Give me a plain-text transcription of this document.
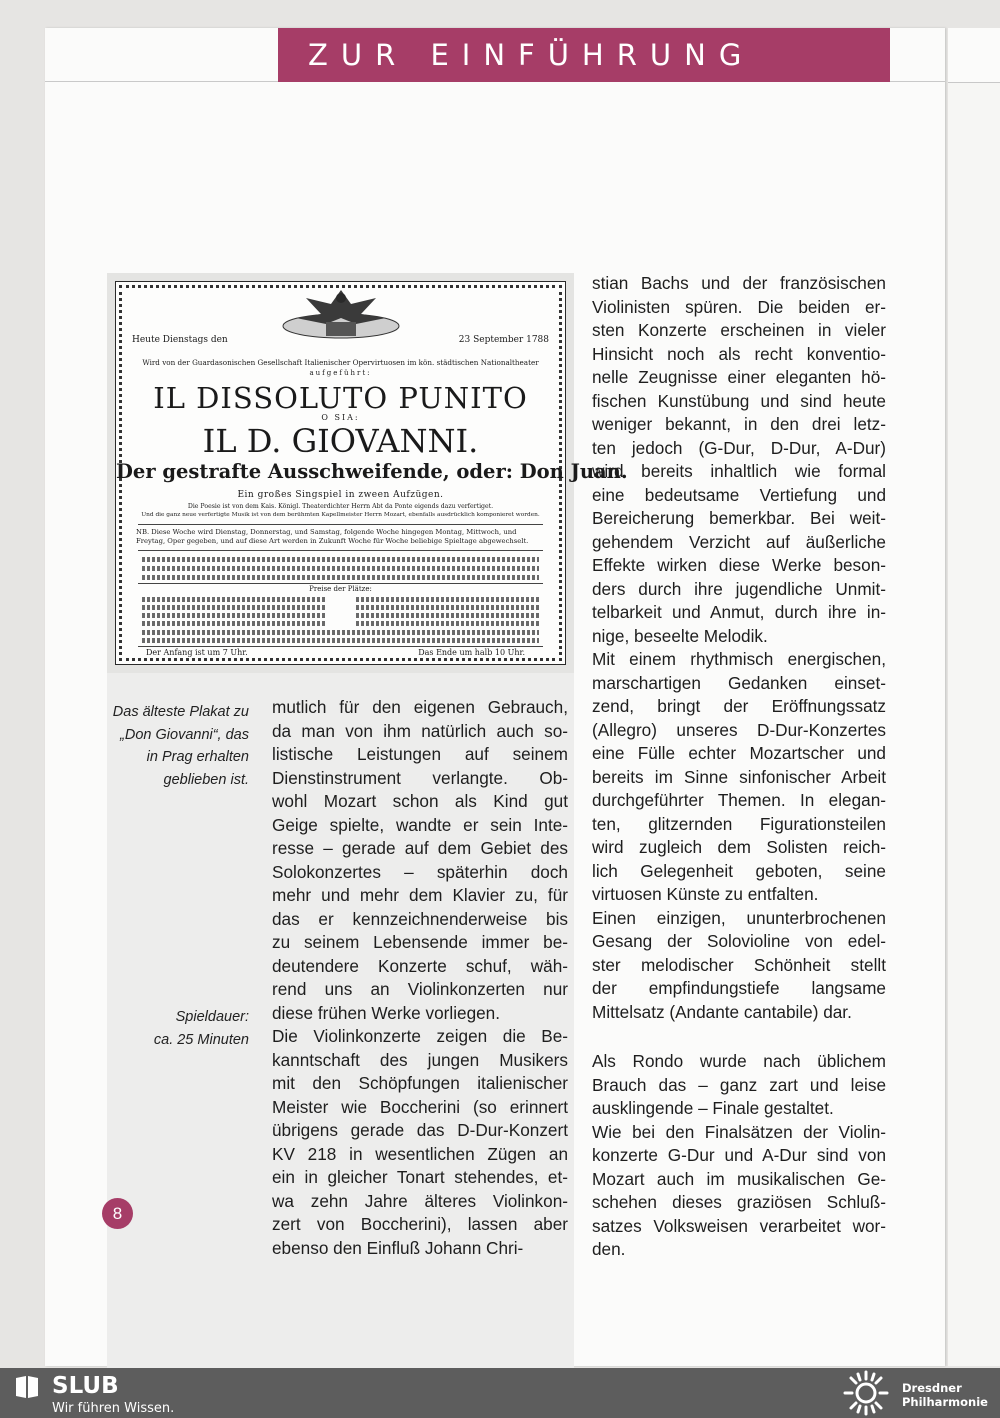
ZUR EINFÜHRUNG
Heute Dienstags den	23 September 1788
Wird von der Guardasonischen Gesellschaft Italienischer Opervirtuosen im kön. städtischen Nationaltheater
aufgeführt:
IL DISSOLUTO PUNITO
O SIA:
IL D. GIOVANNI.
Der gestrafte Ausschweifende, oder: Don Juan.
Ein großes Singspiel in zween Aufzügen.
Die Poesie ist von dem Kais. Königl. Theaterdichter Herrn Abt da Ponte eigends dazu verfertiget.
Und die ganz neue verfertigte Musik ist von dem berühmten Kapellmeister Herrn Mozart, ebenfalls ausdrücklich komponieret worden.
NB. Diese Woche wird Dienstag, Donnerstag, und Samstag, folgende Woche hingegen Montag, Mittwoch, und Freytag, Oper gegeben, und auf diese Art werden in Zukunft Woche für Woche beliebige Spieltage abgewechselt.
Preise der Plätze:
Der Anfang ist um 7 Uhr.	Das Ende um halb 10 Uhr.
Das älteste Plakat zu
„Don Giovanni“, das
in Prag erhalten
geblieben ist.
Spieldauer:
ca. 25 Minuten
mutlich für den eigenen Gebrauch,
da man von ihm natürlich auch so-
listische Leistungen auf seinem
Dienstinstrument verlangte. Ob-
wohl Mozart schon als Kind gut
Geige spielte, wandte er sein Inte-
resse – gerade auf dem Gebiet des
Solokonzertes – späterhin doch
mehr und mehr dem Klavier zu, für
das er kennzeichnenderweise bis
zu seinem Lebensende immer be-
deutendere Konzerte schuf, wäh-
rend uns an Violinkonzerten nur
diese frühen Werke vorliegen.
Die Violinkonzerte zeigen die Be-
kanntschaft des jungen Musikers
mit den Schöpfungen italienischer
Meister wie Boccherini (so erinnert
übrigens gerade das D-Dur-Konzert
KV 218 in wesentlichen Zügen an
ein in gleicher Tonart stehendes, et-
wa zehn Jahre älteres Violinkon-
zert von Boccherini), lassen aber
ebenso den Einfluß Johann Chri-
stian Bachs und der französischen
Violinisten spüren. Die beiden er-
sten Konzerte erscheinen in vieler
Hinsicht noch als recht konventio-
nelle Zeugnisse einer eleganten hö-
fischen Kunstübung und sind heute
weniger bekannt, in den drei letz-
ten jedoch (G-Dur, D-Dur, A-Dur)
wird bereits inhaltlich wie formal
eine bedeutsame Vertiefung und
Bereicherung bemerkbar. Bei weit-
gehendem Verzicht auf äußerliche
Effekte wirken diese Werke beson-
ders durch ihre jugendliche Unmit-
telbarkeit und Anmut, durch ihre in-
nige, beseelte Melodik.
Mit einem rhythmisch energischen,
marschartigen Gedanken einset-
zend, bringt der Eröffnungssatz
(Allegro) unseres D-Dur-Konzertes
eine Fülle echter Mozartscher und
bereits im Sinne sinfonischer Arbeit
durchgeführter Themen. In elegan-
ten, glitzernden Figurationsteilen
wird zugleich dem Solisten reich-
lich Gelegenheit geboten, seine
virtuosen Künste zu entfalten.
Einen einzigen, ununterbrochenen
Gesang der Solovioline von edel-
ster melodischer Schönheit stellt
der empfindungstiefe langsame
Mittelsatz (Andante cantabile) dar.
Als Rondo wurde nach üblichem
Brauch das – ganz zart und leise
ausklingende – Finale gestaltet.
Wie bei den Finalsätzen der Violin-
konzerte G-Dur und A-Dur sind von
Mozart auch im musikalischen Ge-
schehen dieses graziösen Schluß-
satzes Volksweisen verarbeitet wor-
den.
8
SLUB
Wir führen Wissen.
Dresdner
Philharmonie
